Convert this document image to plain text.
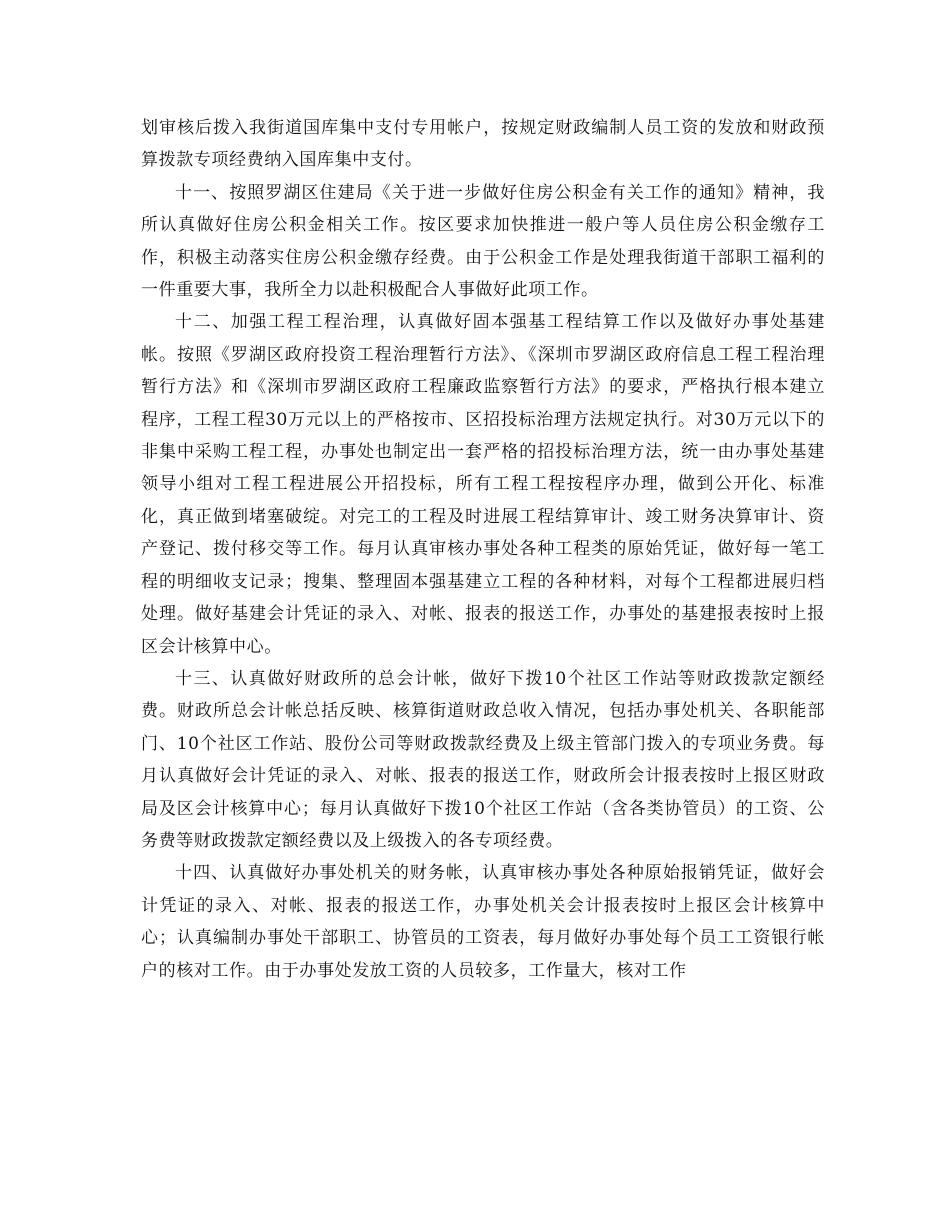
划审核后拨入我街道国库集中支付专用帐户，按规定财政编制人员工资的发放和财政预算拨款专项经费纳入国库集中支付。

十一、按照罗湖区住建局《关于进一步做好住房公积金有关工作的通知》精神，我所认真做好住房公积金相关工作。按区要求加快推进一般户等人员住房公积金缴存工作，积极主动落实住房公积金缴存经费。由于公积金工作是处理我街道干部职工福利的一件重要大事，我所全力以赴积极配合人事做好此项工作。

十二、加强工程工程治理，认真做好固本强基工程结算工作以及做好办事处基建帐。按照《罗湖区政府投资工程治理暂行方法》、《深圳市罗湖区政府信息工程工程治理暂行方法》和《深圳市罗湖区政府工程廉政监察暂行方法》的要求，严格执行根本建立程序，工程工程30万元以上的严格按市、区招投标治理方法规定执行。对30万元以下的非集中采购工程工程，办事处也制定出一套严格的招投标治理方法，统一由办事处基建领导小组对工程工程进展公开招投标，所有工程工程按程序办理，做到公开化、标准化，真正做到堵塞破绽。对完工的工程及时进展工程结算审计、竣工财务决算审计、资产登记、拨付移交等工作。每月认真审核办事处各种工程类的原始凭证，做好每一笔工程的明细收支记录；搜集、整理固本强基建立工程的各种材料，对每个工程都进展归档处理。做好基建会计凭证的录入、对帐、报表的报送工作，办事处的基建报表按时上报区会计核算中心。

十三、认真做好财政所的总会计帐，做好下拨10个社区工作站等财政拨款定额经费。财政所总会计帐总括反映、核算街道财政总收入情况，包括办事处机关、各职能部门、10个社区工作站、股份公司等财政拨款经费及上级主管部门拨入的专项业务费。每月认真做好会计凭证的录入、对帐、报表的报送工作，财政所会计报表按时上报区财政局及区会计核算中心；每月认真做好下拨10个社区工作站（含各类协管员）的工资、公务费等财政拨款定额经费以及上级拨入的各专项经费。

十四、认真做好办事处机关的财务帐，认真审核办事处各种原始报销凭证，做好会计凭证的录入、对帐、报表的报送工作，办事处机关会计报表按时上报区会计核算中心；认真编制办事处干部职工、协管员的工资表，每月做好办事处每个员工工资银行帐户的核对工作。由于办事处发放工资的人员较多，工作量大，核对工作
